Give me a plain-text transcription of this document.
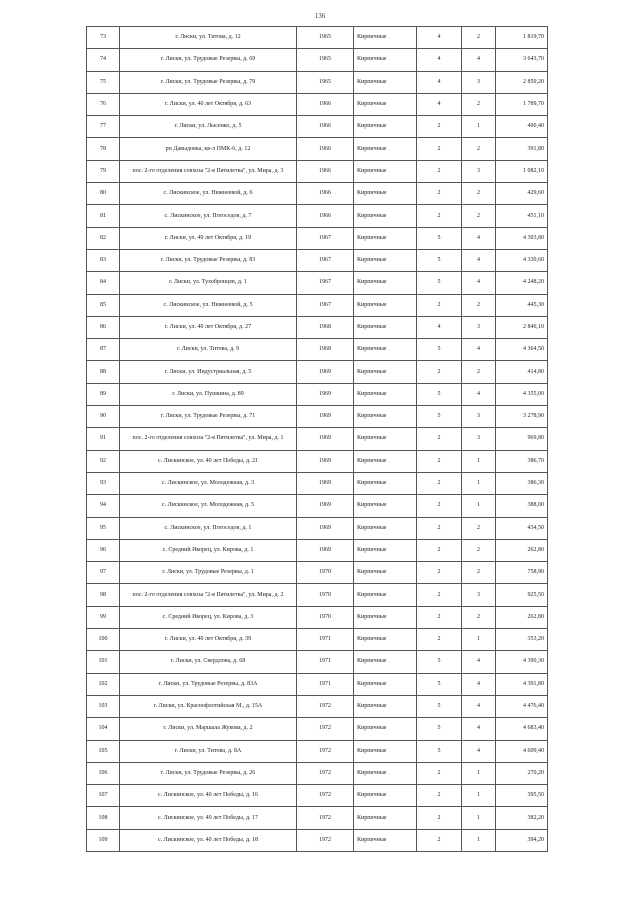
136
73	г. Лиски, ул. Титова, д. 12	1965	Кирпичные	4	2	1 819,70
74	г. Лиски, ул. Трудовые Резервы, д. 69	1965	Кирпичные	4	4	3 643,70
75	г. Лиски, ул. Трудовые Резервы, д. 79	1965	Кирпичные	4	3	2 859,20
76	г. Лиски, ул. 40 лет Октября, д. 63	1966	Кирпичные	4	2	1 789,70
77	г. Лиски, ул. Лысенко, д. 5	1966	Кирпичные	2	1	400,40
78	рп Давыдовка, кв-л ПМК-6, д. 12	1966	Кирпичные	2	2	391,80
79	пос. 2-го отделения совхоза "2-я Пятилетка", ул. Мира, д. 3	1966	Кирпичные	2	3	1 082,10
80	с. Лискинское, ул. Нижнеевой, д. 6	1966	Кирпичные	2	2	429,60
81	с. Лискинское, ул. Потоседов, д. 7	1966	Кирпичные	2	2	451,10
82	г. Лиски, ул. 40 лет Октября, д. 19	1967	Кирпичные	5	4	4 303,80
83	г. Лиски, ул. Трудовые Резервы, д. 83	1967	Кирпичные	5	4	4 330,60
84	г. Лиски, ул. Тухобронцев, д. 1	1967	Кирпичные	5	4	4 248,20
85	с. Лискинское, ул. Нижнеевой, д. 5	1967	Кирпичные	2	2	445,30
86	г. Лиски, ул. 40 лет Октября, д. 27	1968	Кирпичные	4	3	2 846,10
87	г. Лиски, ул. Титова, д. 9	1968	Кирпичные	5	4	4 364,50
88	г. Лиски, ул. Индустриальная, д. 5	1969	Кирпичные	2	2	414,80
89	г. Лиски, ул. Пушкина, д. 89	1969	Кирпичные	5	4	4 355,00
90	г. Лиски, ул. Трудовые Резервы, д. 71	1969	Кирпичные	5	3	3 278,90
91	пос. 2-го отделения совхоза "2-я Пятилетка", ул. Мира, д. 1	1969	Кирпичные	2	3	969,80
92	с. Лискинское, ул. 40 лет Победы, д. 21	1969	Кирпичные	2	1	386,70
93	с. Лискинское, ул. Молодежная, д. 3	1969	Кирпичные	2	1	386,30
94	с. Лискинское, ул. Молодежная, д. 5	1969	Кирпичные	2	1	388,00
95	с. Лискинское, ул. Потоседов, д. 1	1969	Кирпичные	2	2	434,50
96	с. Средний Икорец, ул. Кирова, д. 1	1969	Кирпичные	2	2	262,80
97	г. Лиски, ул. Трудовые Резервы, д. 1	1970	Кирпичные	2	2	758,90
98	пос. 2-го отделения совхоза "2-я Пятилетка", ул. Мира, д. 2	1970	Кирпичные	2	3	925,50
99	с. Средний Икорец, ул. Кирова, д. 3	1970	Кирпичные	2	2	262,80
100	г. Лиски, ул. 40 лет Октября, д. 39	1971	Кирпичные	2	1	353,20
101	г. Лиски, ул. Свердлова, д. 68	1971	Кирпичные	5	4	4 390,30
102	г. Лиски, ул. Трудовые Резервы, д. 83А	1971	Кирпичные	5	4	4 391,80
103	г. Лиски, ул. Краснофлотийская М., д. 15А	1972	Кирпичные	5	4	4 476,40
104	г. Лиски, ул. Маршала Жукова, д. 2	1972	Кирпичные	5	4	4 683,40
105	г. Лиски, ул. Титова, д. 8А	1972	Кирпичные	5	4	4 609,40
106	г. Лиски, ул. Трудовые Резервы, д. 26	1972	Кирпичные	2	1	270,20
107	с. Лискинское, ул. 40 лет Победы, д. 16	1972	Кирпичные	2	1	395,50
108	с. Лискинское, ул. 40 лет Победы, д. 17	1972	Кирпичные	2	1	382,20
109	с. Лискинское, ул. 40 лет Победы, д. 18	1972	Кирпичные	2	1	394,20
